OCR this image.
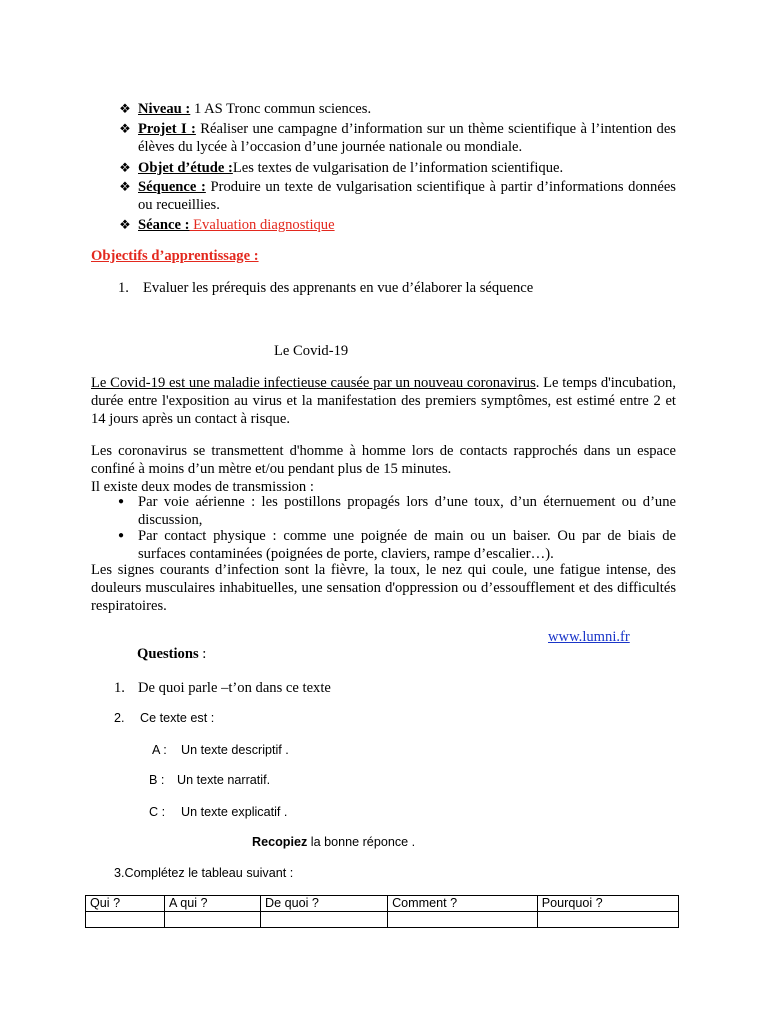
❖ Niveau : 1 AS Tronc commun sciences.
❖ Projet I : Réaliser une campagne d’information sur un thème scientifique à l’intention des élèves du lycée à l’occasion d’une journée nationale ou mondiale.
❖ Objet d’étude :Les textes de vulgarisation de l’information scientifique.
❖ Séquence : Produire un texte de vulgarisation scientifique à partir d’informations données ou recueillies.
❖ Séance : Evaluation diagnostique
Objectifs d’apprentissage :
1. Evaluer les prérequis des apprenants en vue d’élaborer la séquence
Le Covid-19
Le Covid-19 est une maladie infectieuse causée par un nouveau coronavirus. Le temps d'incubation, durée entre l'exposition au virus et la manifestation des premiers symptômes, est estimé entre 2 et 14 jours après un contact à risque.
Les coronavirus se transmettent d'homme à homme lors de contacts rapprochés dans un espace confiné à moins d’un mètre et/ou pendant plus de 15 minutes.
Il existe deux modes de transmission :
● Par voie aérienne : les postillons propagés lors d’une toux, d’un éternuement ou d’une discussion,
● Par contact physique : comme une poignée de main ou un baiser. Ou par de biais de surfaces contaminées (poignées de porte, claviers, rampe d’escalier…).
Les signes courants d’infection sont la fièvre, la toux, le nez qui coule, une fatigue intense, des douleurs musculaires inhabituelles, une sensation d'oppression ou d’essoufflement et des difficultés respiratoires.
www.lumni.fr
Questions :
1. De quoi parle –t’on dans ce texte
2. Ce texte est :
A : Un texte descriptif .
B : Un texte narratif.
C : Un texte explicatif .
Recopiez la bonne réponce .
3.Complétez le tableau suivant :
Qui ?	A qui ?	De quoi ?	Comment ?	Pourquoi ?
